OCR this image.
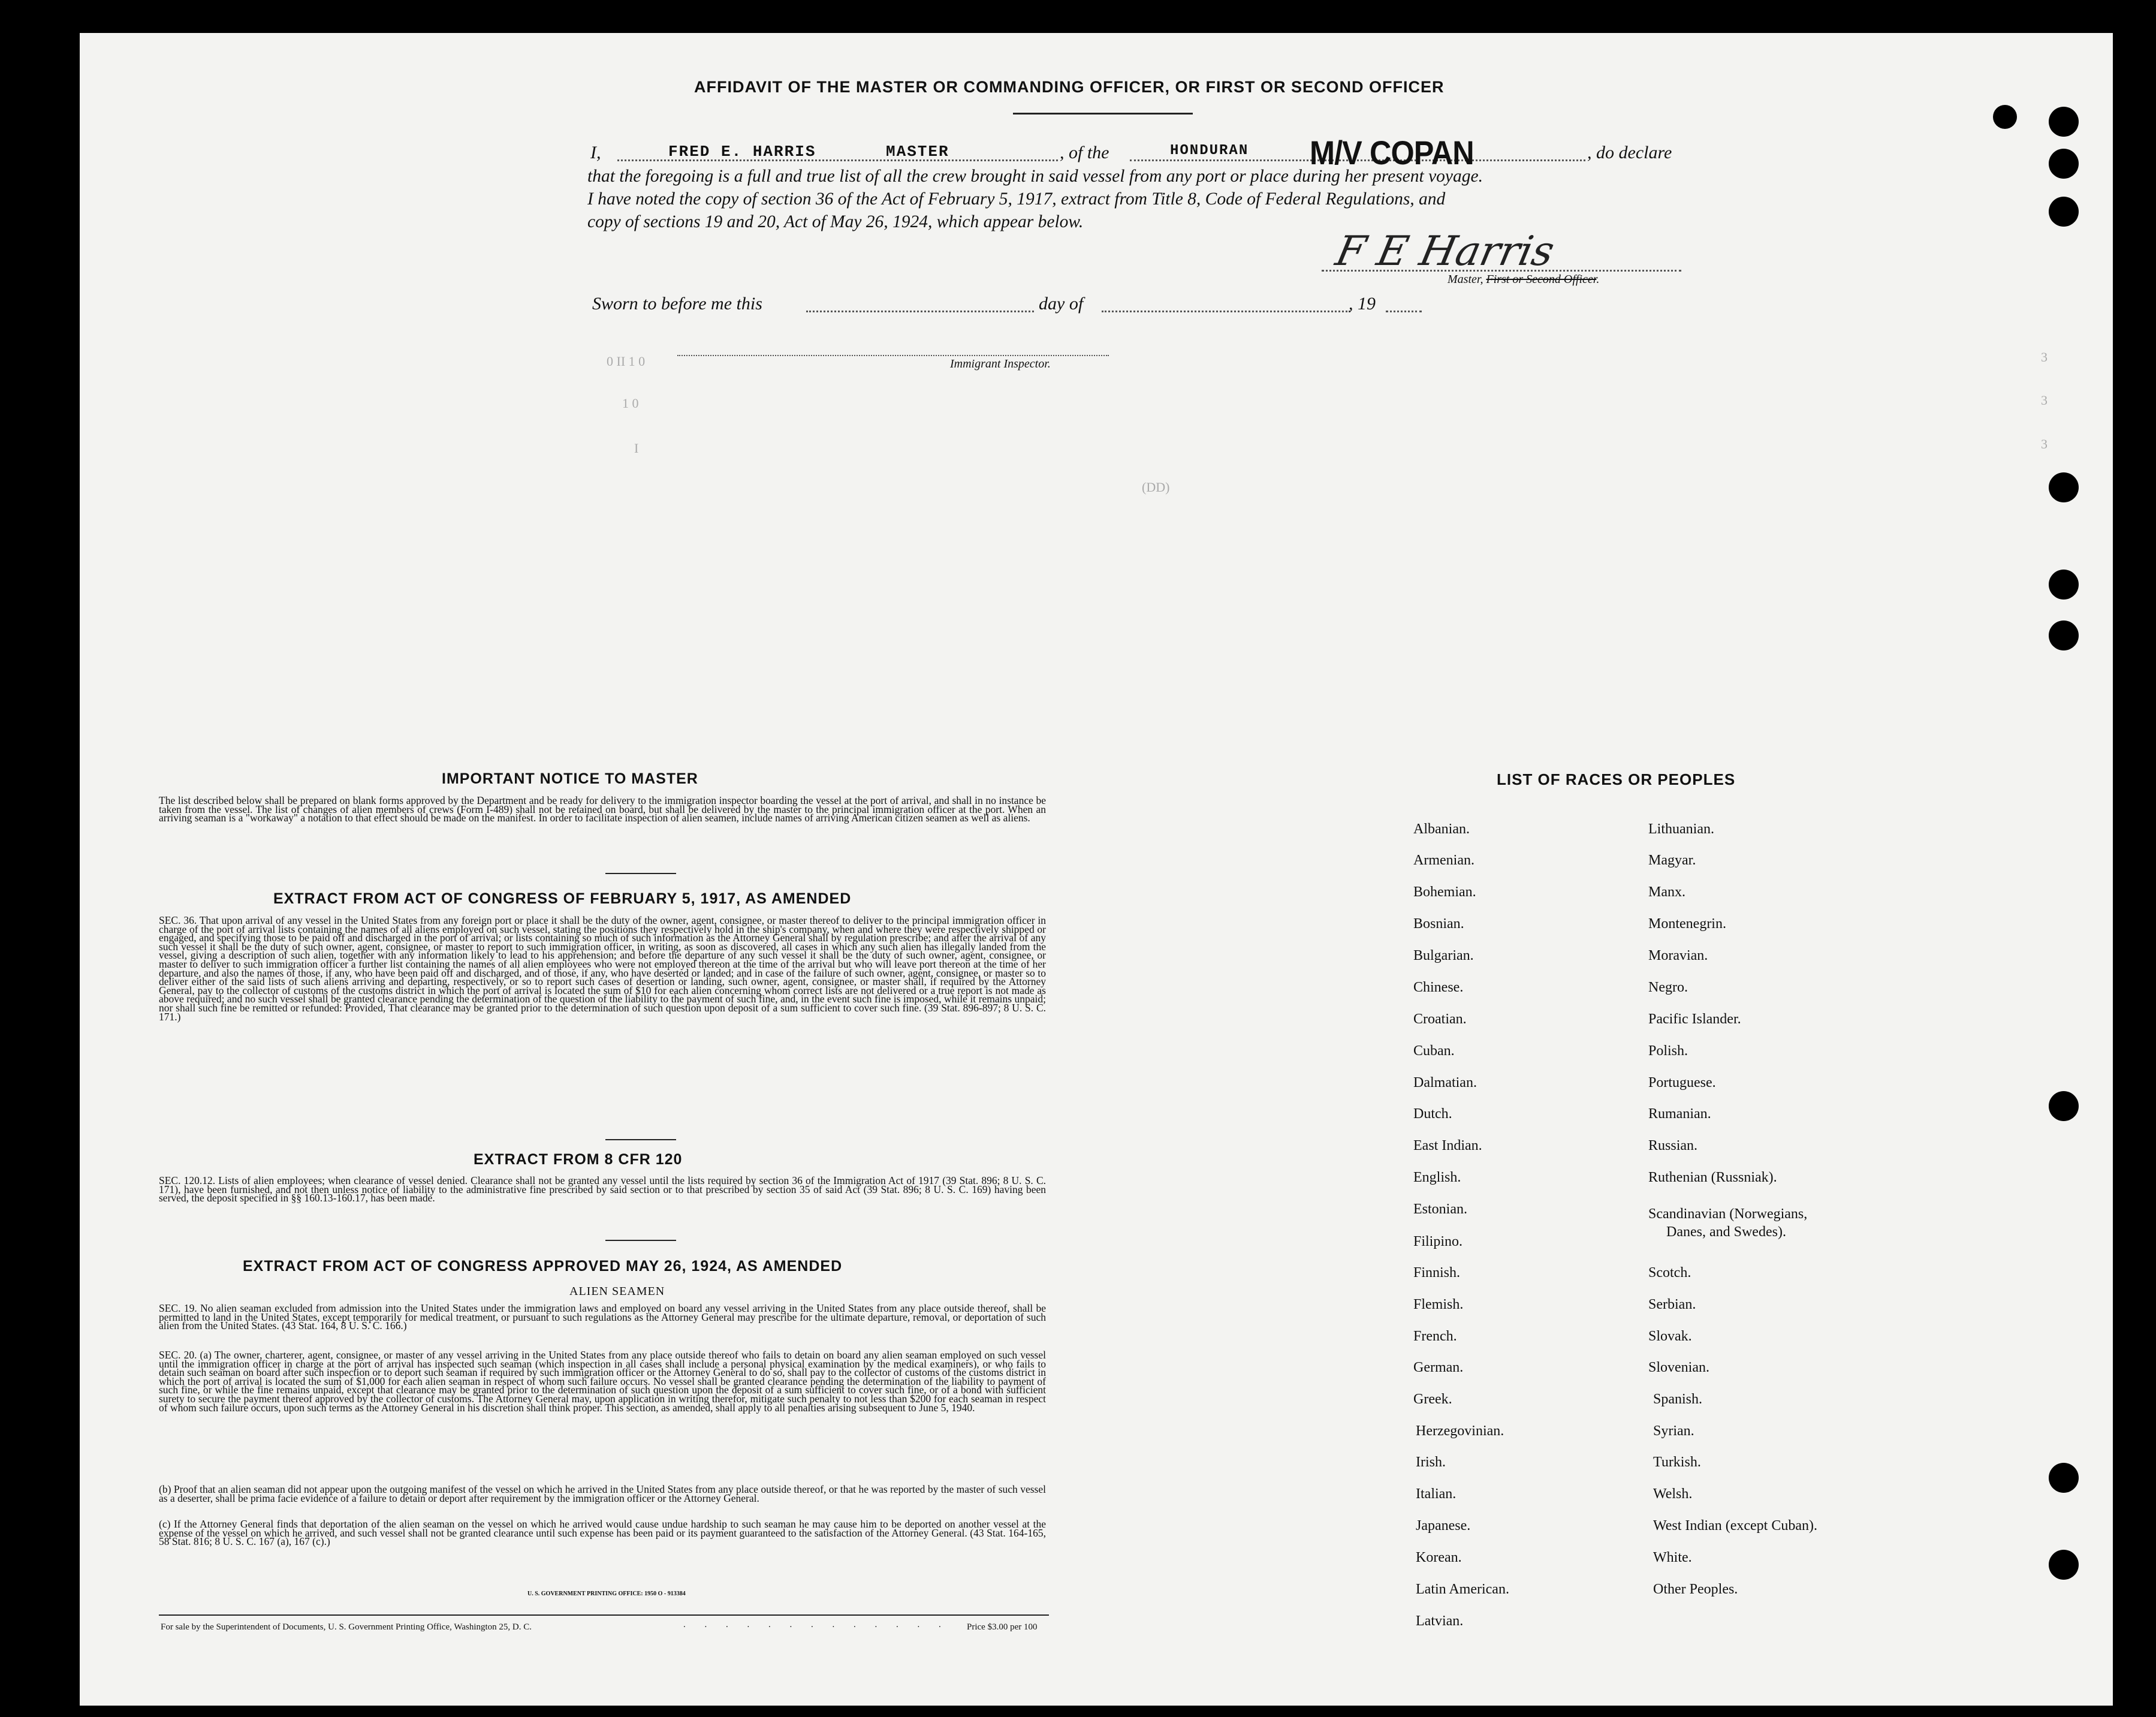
AFFIDAVIT OF THE MASTER OR COMMANDING OFFICER, OR FIRST OR SECOND OFFICER
I,	FRED E. HARRIS	MASTER	, of the	HONDURAN M/V COPAN	, do declare
that the foregoing is a full and true list of all the crew brought in said vessel from any port or place during her present voyage.
I have noted the copy of section 36 of the Act of February 5, 1917, extract from Title 8, Code of Federal Regulations, and
copy of sections 19 and 20, Act of May 26, 1924, which appear below.
F E Harris
Master, First or Second Officer.
Sworn to before me this	day of	, 19
Immigrant Inspector.
0 II 1 0
1 0
I
(DD)
3
3
3
IMPORTANT NOTICE TO MASTER
The list described below shall be prepared on blank forms approved by the Department and be ready for delivery to the immigration inspector boarding the vessel at the port of arrival, and shall in no instance be taken from the vessel. The list of changes of alien members of crews (Form I-489) shall not be retained on board, but shall be delivered by the master to the principal immigration officer at the port. When an arriving seaman is a "workaway" a notation to that effect should be made on the manifest. In order to facilitate inspection of alien seamen, include names of arriving American citizen seamen as well as aliens.
EXTRACT FROM ACT OF CONGRESS OF FEBRUARY 5, 1917, AS AMENDED
SEC. 36. That upon arrival of any vessel in the United States from any foreign port or place it shall be the duty of the owner, agent, consignee, or master thereof to deliver to the principal immigration officer in charge of the port of arrival lists containing the names of all aliens employed on such vessel, stating the positions they respectively hold in the ship's company, when and where they were respectively shipped or engaged, and specifying those to be paid off and discharged in the port of arrival; or lists containing so much of such information as the Attorney General shall by regulation prescribe; and after the arrival of any such vessel it shall be the duty of such owner, agent, consignee, or master to report to such immigration officer, in writing, as soon as discovered, all cases in which any such alien has illegally landed from the vessel, giving a description of such alien, together with any information likely to lead to his apprehension; and before the departure of any such vessel it shall be the duty of such owner, agent, consignee, or master to deliver to such immigration officer a further list containing the names of all alien employees who were not employed thereon at the time of the arrival but who will leave port thereon at the time of her departure, and also the names of those, if any, who have been paid off and discharged, and of those, if any, who have deserted or landed; and in case of the failure of such owner, agent, consignee, or master so to deliver either of the said lists of such aliens arriving and departing, respectively, or so to report such cases of desertion or landing, such owner, agent, consignee, or master shall, if required by the Attorney General, pay to the collector of customs of the customs district in which the port of arrival is located the sum of $10 for each alien concerning whom correct lists are not delivered or a true report is not made as above required; and no such vessel shall be granted clearance pending the determination of the question of the liability to the payment of such fine, and, in the event such fine is imposed, while it remains unpaid; nor shall such fine be remitted or refunded: Provided, That clearance may be granted prior to the determination of such question upon deposit of a sum sufficient to cover such fine. (39 Stat. 896-897; 8 U. S. C. 171.)
EXTRACT FROM 8 CFR 120
SEC. 120.12. Lists of alien employees; when clearance of vessel denied. Clearance shall not be granted any vessel until the lists required by section 36 of the Immigration Act of 1917 (39 Stat. 896; 8 U. S. C. 171), have been furnished, and not then unless notice of liability to the administrative fine prescribed by said section or to that prescribed by section 35 of said Act (39 Stat. 896; 8 U. S. C. 169) having been served, the deposit specified in §§ 160.13-160.17, has been made.
EXTRACT FROM ACT OF CONGRESS APPROVED MAY 26, 1924, AS AMENDED
ALIEN SEAMEN
SEC. 19. No alien seaman excluded from admission into the United States under the immigration laws and employed on board any vessel arriving in the United States from any place outside thereof, shall be permitted to land in the United States, except temporarily for medical treatment, or pursuant to such regulations as the Attorney General may prescribe for the ultimate departure, removal, or deportation of such alien from the United States. (43 Stat. 164, 8 U. S. C. 166.)
SEC. 20. (a) The owner, charterer, agent, consignee, or master of any vessel arriving in the United States from any place outside thereof who fails to detain on board any alien seaman employed on such vessel until the immigration officer in charge at the port of arrival has inspected such seaman (which inspection in all cases shall include a personal physical examination by the medical examiners), or who fails to detain such seaman on board after such inspection or to deport such seaman if required by such immigration officer or the Attorney General to do so, shall pay to the collector of customs of the customs district in which the port of arrival is located the sum of $1,000 for each alien seaman in respect of whom such failure occurs. No vessel shall be granted clearance pending the determination of the liability to payment of such fine, or while the fine remains unpaid, except that clearance may be granted prior to the determination of such question upon the deposit of a sum sufficient to cover such fine, or of a bond with sufficient surety to secure the payment thereof approved by the collector of customs. The Attorney General may, upon application in writing therefor, mitigate such penalty to not less than $200 for each seaman in respect of whom such failure occurs, upon such terms as the Attorney General in his discretion shall think proper. This section, as amended, shall apply to all penalties arising subsequent to June 5, 1940.
(b) Proof that an alien seaman did not appear upon the outgoing manifest of the vessel on which he arrived in the United States from any place outside thereof, or that he was reported by the master of such vessel as a deserter, shall be prima facie evidence of a failure to detain or deport after requirement by the immigration officer or the Attorney General.
(c) If the Attorney General finds that deportation of the alien seaman on the vessel on which he arrived would cause undue hardship to such seaman he may cause him to be deported on another vessel at the expense of the vessel on which he arrived, and such vessel shall not be granted clearance until such expense has been paid or its payment guaranteed to the satisfaction of the Attorney General. (43 Stat. 164-165, 58 Stat. 816; 8 U. S. C. 167 (a), 167 (c).)
U. S. GOVERNMENT PRINTING OFFICE: 1950 O - 913384
For sale by the Superintendent of Documents, U. S. Government Printing Office, Washington 25, D. C.	. . . . . . . . . . . . . Price $3.00 per 100
LIST OF RACES OR PEOPLES
Albanian.
Armenian.
Bohemian.
Bosnian.
Bulgarian.
Chinese.
Croatian.
Cuban.
Dalmatian.
Dutch.
East Indian.
English.
Estonian.
Filipino.
Finnish.
Flemish.
French.
German.
Greek.
Herzegovinian.
Irish.
Italian.
Japanese.
Korean.
Latin American.
Latvian.
Lithuanian.
Magyar.
Manx.
Montenegrin.
Moravian.
Negro.
Pacific Islander.
Polish.
Portuguese.
Rumanian.
Russian.
Ruthenian (Russniak).
Scandinavian (Norwegians,
Danes, and Swedes).
Scotch.
Serbian.
Slovak.
Slovenian.
Spanish.
Syrian.
Turkish.
Welsh.
West Indian (except Cuban).
White.
Other Peoples.
